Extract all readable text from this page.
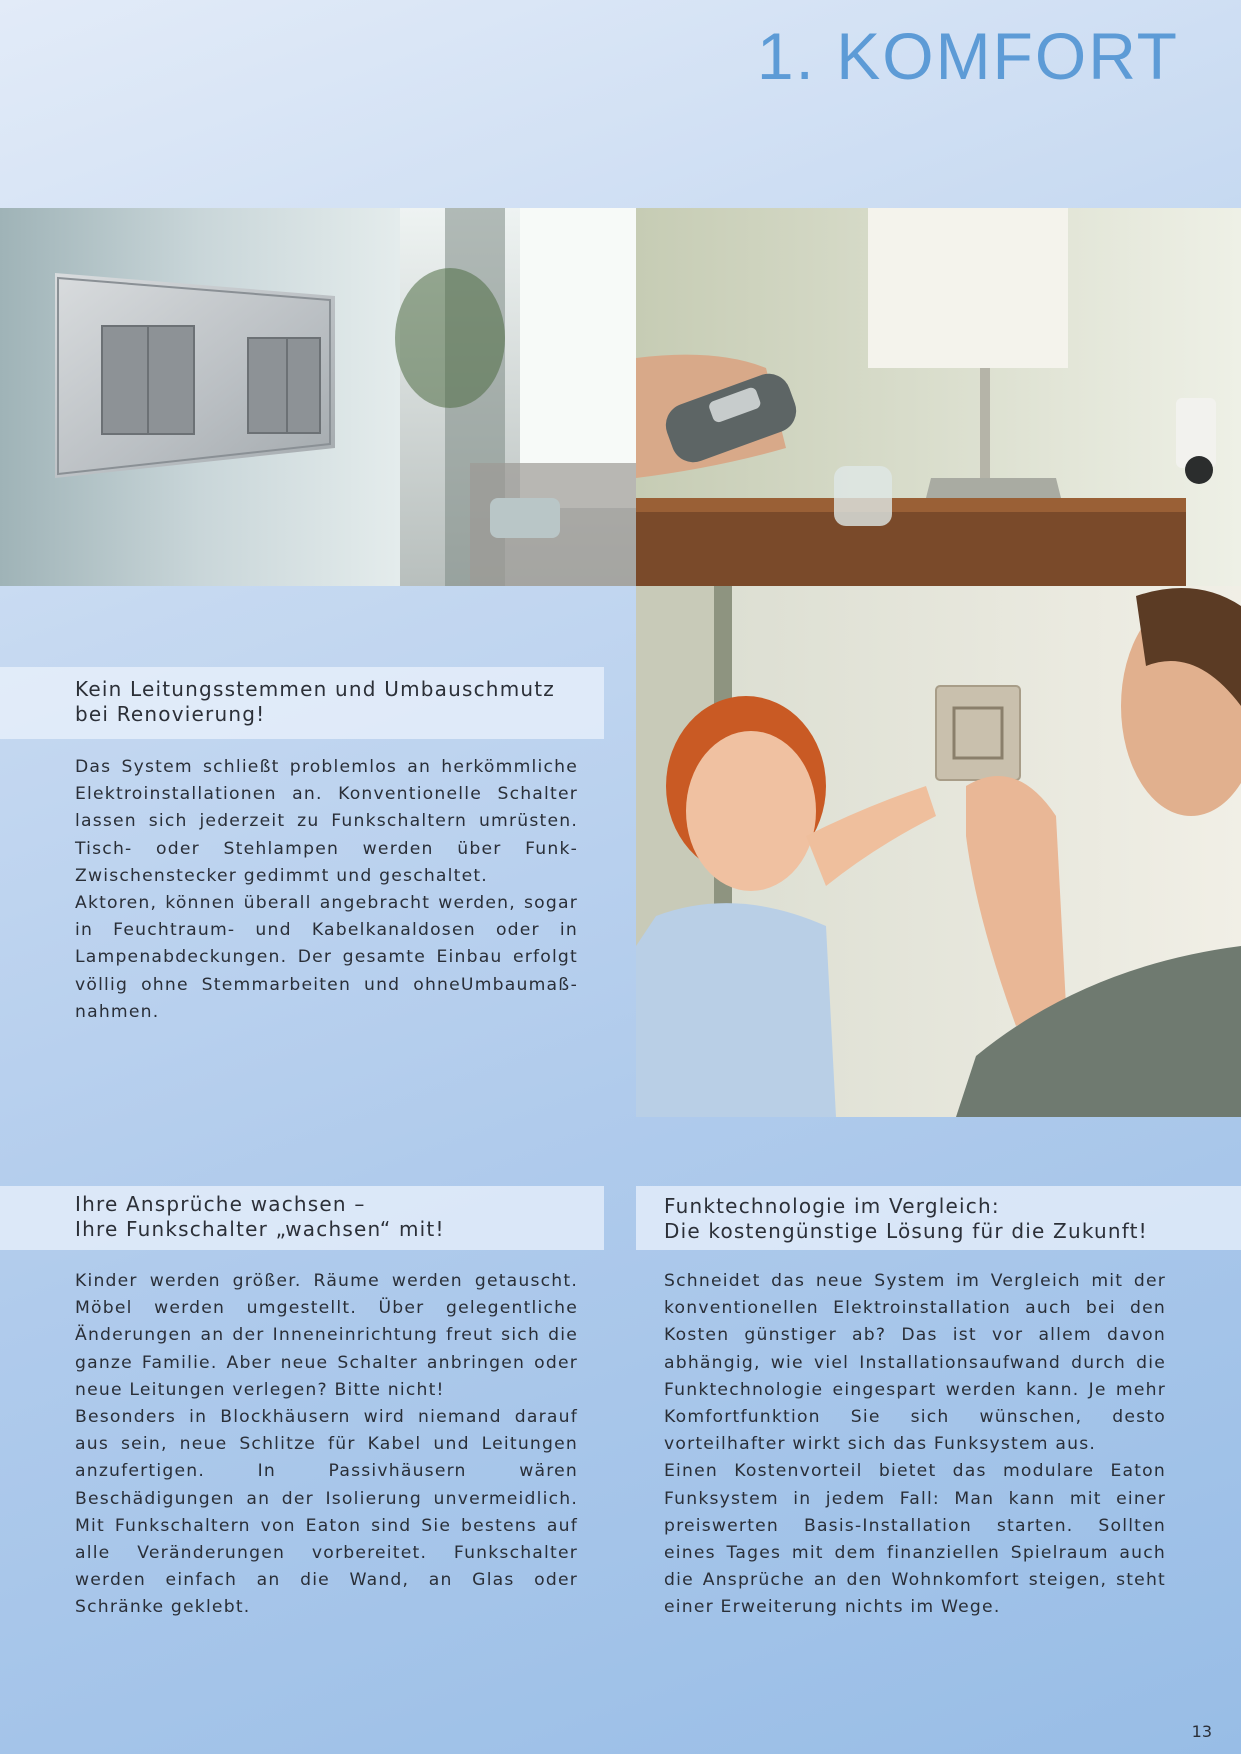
1. KOMFORT
Kein Leitungsstemmen und Umbauschmutz
bei Renovierung!

Das System schließt problemlos an herkömmliche Elektroinstallationen an. Konventionelle Schalter lassen sich jederzeit zu Funkschaltern umrüsten. Tisch- oder Stehlampen werden über Funk-Zwischenstecker gedimmt und geschaltet.

Aktoren, können überall angebracht werden, sogar in Feuchtraum- und Kabelkanaldosen oder in Lampenabdeckungen. Der gesamte Einbau erfolgt völlig ohne Stemmarbeiten und ohneUmbaumaß-nahmen.

Ihre Ansprüche wachsen –
Ihre Funkschalter „wachsen“ mit!

Kinder werden größer. Räume werden getauscht. Möbel werden umgestellt. Über gelegentliche Änderungen an der Inneneinrichtung freut sich die ganze Familie. Aber neue Schalter anbringen oder neue Leitungen verlegen? Bitte nicht!

Besonders in Blockhäusern wird niemand darauf aus sein, neue Schlitze für Kabel und Leitungen anzufertigen. In Passivhäusern wären Beschädigungen an der Isolierung unvermeidlich. Mit Funkschaltern von Eaton sind Sie bestens auf alle Veränderungen vorbereitet. Funkschalter werden einfach an die Wand, an Glas oder Schränke geklebt.

Funktechnologie im Vergleich:
Die kostengünstige Lösung für die Zukunft!

Schneidet das neue System im Vergleich mit der konventionellen Elektroinstallation auch bei den Kosten günstiger ab? Das ist vor allem davon abhängig, wie viel Installationsaufwand durch die Funktechnologie eingespart werden kann. Je mehr Komfortfunktion Sie sich wünschen, desto vorteilhafter wirkt sich das Funksystem aus.

Einen Kostenvorteil bietet das modulare Eaton Funksystem in jedem Fall: Man kann mit einer preiswerten Basis-Installation starten. Sollten eines Tages mit dem finanziellen Spielraum auch die Ansprüche an den Wohnkomfort steigen, steht einer Erweiterung nichts im Wege.

13
